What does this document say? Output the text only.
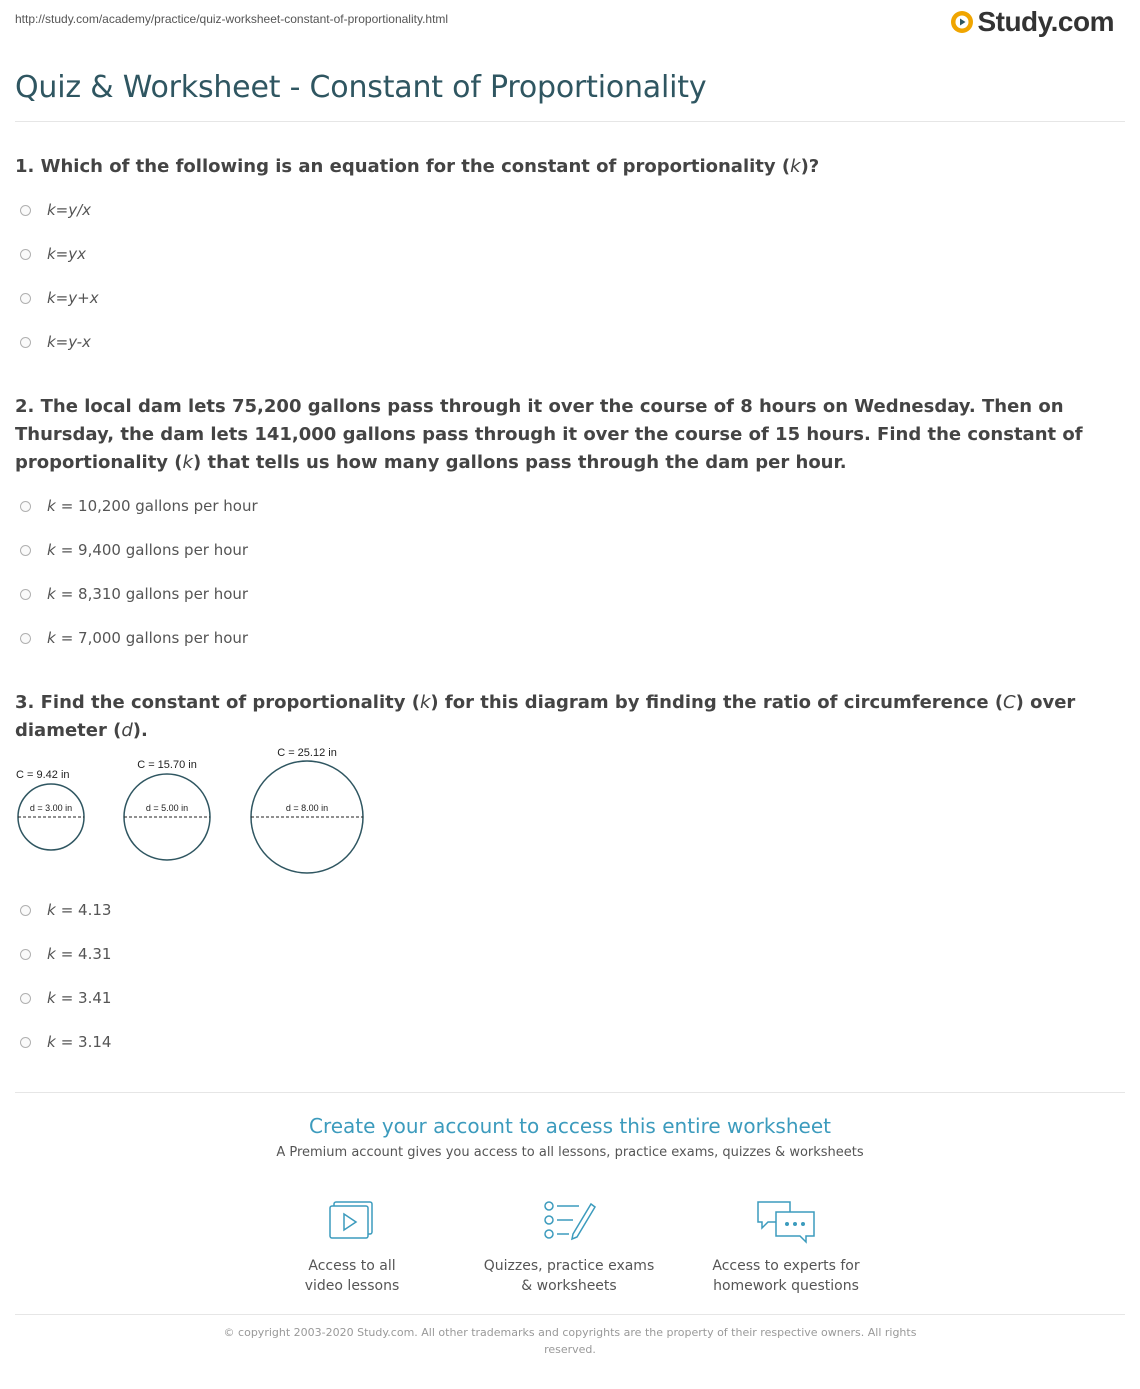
http://study.com/academy/practice/quiz-worksheet-constant-of-proportionality.html	Study.com
Quiz & Worksheet - Constant of Proportionality

1. Which of the following is an equation for the constant of proportionality (k)?

k=y/x
k=yx
k=y+x
k=y-x

2. The local dam lets 75,200 gallons pass through it over the course of 8 hours on Wednesday. Then on Thursday, the dam lets 141,000 gallons pass through it over the course of 15 hours. Find the constant of proportionality (k) that tells us how many gallons pass through the dam per hour.

k = 10,200 gallons per hour
k = 9,400 gallons per hour
k = 8,310 gallons per hour
k = 7,000 gallons per hour

3. Find the constant of proportionality (k) for this diagram by finding the ratio of circumference (C) over diameter (d).

C = 9.42 in
d = 3.00 in
C = 15.70 in
d = 5.00 in
C = 25.12 in
d = 8.00 in
k = 4.13
k = 4.31
k = 3.41
k = 3.14
Create your account to access this entire worksheet
A Premium account gives you access to all lessons, practice exams, quizzes & worksheets
Access to all
video lessons
Quizzes, practice exams
& worksheets
Access to experts for
homework questions
© copyright 2003-2020 Study.com. All other trademarks and copyrights are the property of their respective owners. All rights
reserved.
